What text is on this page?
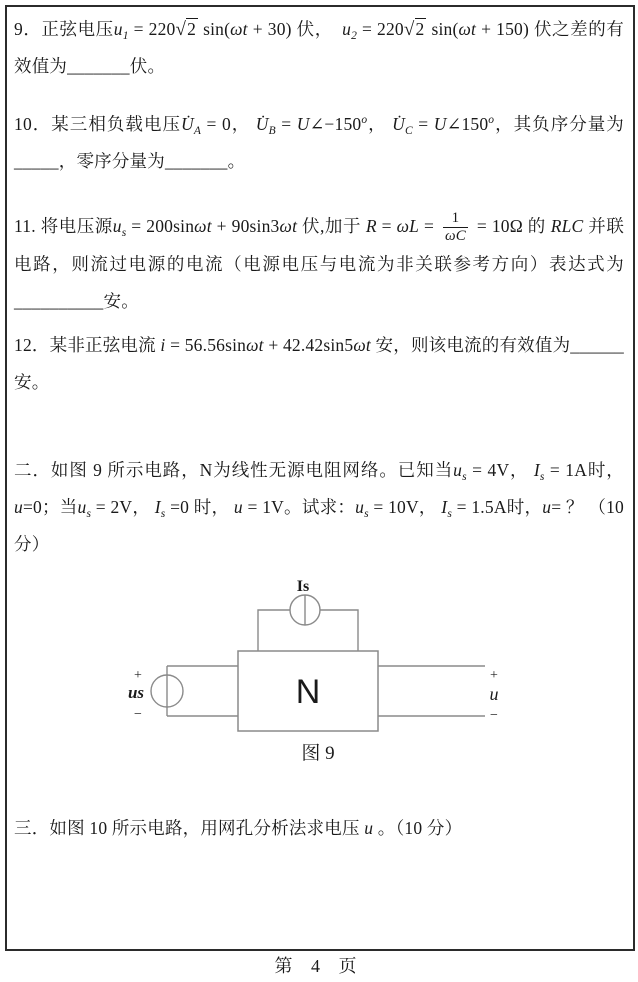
9．正弦电压$u_1 = 220√2$ sin(ωt + 30) 伏，　$u_2 = 220√2$ sin(ωt + 150) 伏之差的有效值为_______伏。
10．某三相负载电压$U̇_A = 0$， $U̇_B$ = $U\angle-150^o$， $U̇_C$ = $U\angle 150^o$，其负序分量为 _____，零序分量为_______。
11. 将电压源$u_s = 200\sin\omega t + 90\sin 3\omega t$ 伏,加于 $R = \omega L = \frac{1}{\omega C} = 10\Omega$ 的 RLC 并联电路，则流过电源的电流（电源电压与电流为非关联参考方向）表达式为__________安。
12．某非正弦电流 i = 56.56sinωt + 42.42sin5ωt 安，则该电流的有效值为______安。
二．如图 9 所示电路，N为线性无源电阻网络。已知当$u_s = 4V$， $I_s = 1A$时，u=0；当$u_s = 2V$， $I_s =0$ 时， u = 1V。试求：$u_s = 10V$， $I_s = 1.5A$时，u= ？ （10 分）
三．如图 10 所示电路，用网孔分析法求电压 u 。（10 分）
Is
+
us
−
N	+
u
−
图 9
第 4 页
